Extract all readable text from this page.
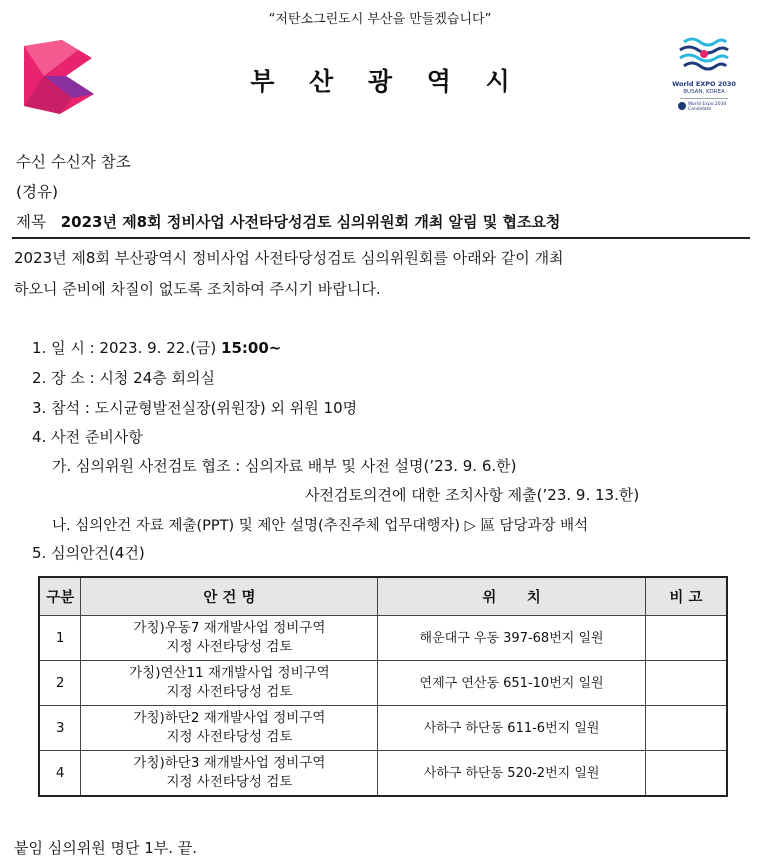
“저탄소그린도시 부산을 만들겠습니다”
부 산 광 역 시	World EXPO 2030
BUSAN, KOREA
World Expo 2030
Candidate
수신 수신자 참조
(경유)
제목 2023년 제8회 정비사업 사전타당성검토 심의위원회 개최 알림 및 협조요청
2023년 제8회 부산광역시 정비사업 사전타당성검토 심의위원회를 아래와 같이 개최
하오니 준비에 차질이 없도록 조치하여 주시기 바랍니다.
1. 일 시 : 2023. 9. 22.(금) 15:00~
2. 장 소 : 시청 24층 회의실
3. 참석 : 도시균형발전실장(위원장) 외 위원 10명
4. 사전 준비사항
가. 심의위원 사전검토 협조 : 심의자료 배부 및 사전 설명(’23. 9. 6.한)
사전검토의견에 대한 조치사항 제출(’23. 9. 13.한)
나. 심의안건 자료 제출(PPT) 및 제안 설명(추진주체 업무대행자) ▷ 區 담당과장 배석
5. 심의안건(4건)
구분	안 건 명	위      치	비 고
1	가칭)우동7 재개발사업 정비구역
지정 사전타당성 검토	해운대구 우동 397-68번지 일원	
2	가칭)연산11 재개발사업 정비구역
지정 사전타당성 검토	연제구 연산동 651-10번지 일원	
3	가칭)하단2 재개발사업 정비구역
지정 사전타당성 검토	사하구 하단동 611-6번지 일원	
4	가칭)하단3 재개발사업 정비구역
지정 사전타당성 검토	사하구 하단동 520-2번지 일원	
붙임 심의위원 명단 1부. 끝.
